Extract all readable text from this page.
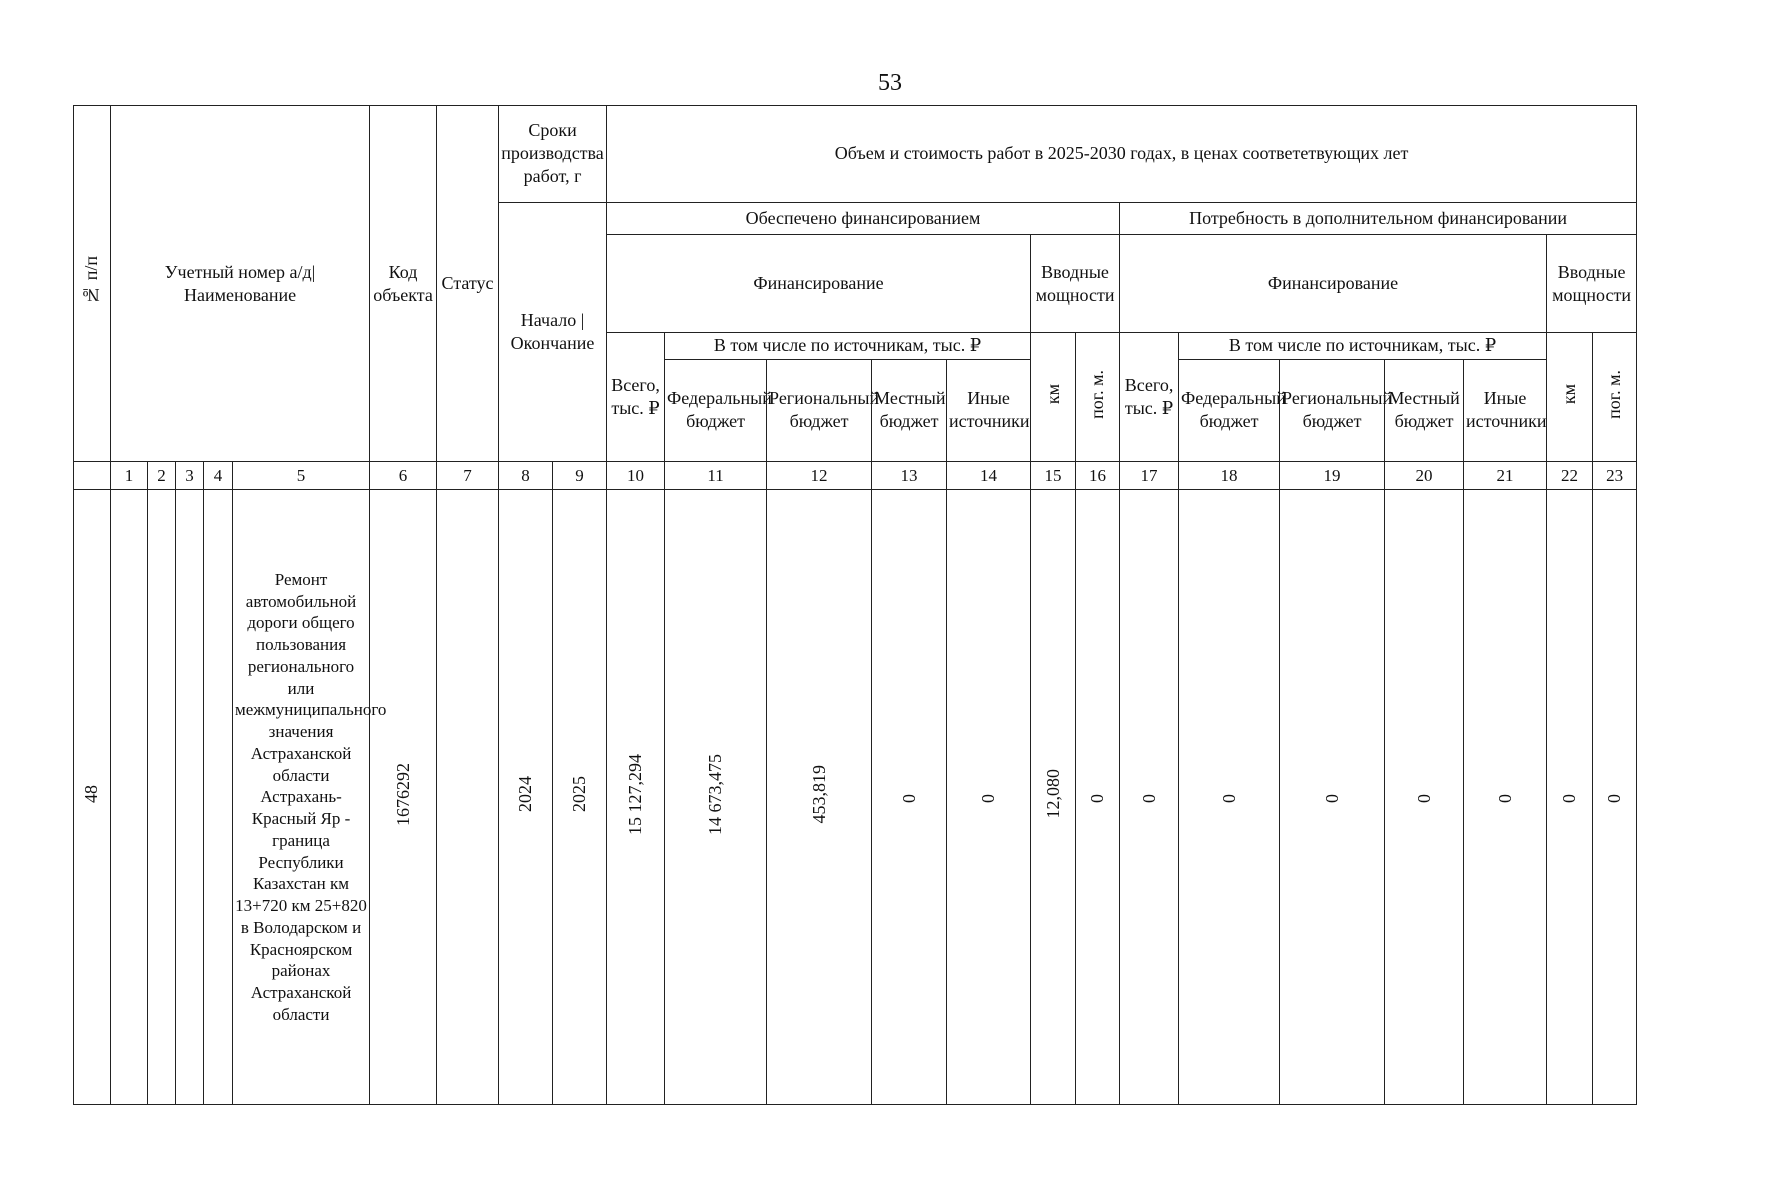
53
№ п/п	Учетный номер а/д| Наименование					Код объекта	Статус	Сроки производства работ, г		Объем и стоимость работ в 2025-2030 годах, в ценах соответетвующих лет													
								Начало | Окончание		Обеспечено финансированием							Потребность в дополнительном финансировании						
										Финансирование					Вводные мощности		Финансирование					Вводные мощности	
										Всего, тыс. ₽	В том числе по источникам, тыс. ₽				км	пог. м.	Всего, тыс. ₽	В том числе по источникам, тыс. ₽				км	пог. м.
											Федеральный бюджет	Региональный бюджет	Местный бюджет	Иные источники				Федеральный бюджет	Региональный бюджет	Местный бюджет	Иные источники		
	1	2	3	4	5	6	7	8	9	10	11	12	13	14	15	16	17	18	19	20	21	22	23
48					Ремонт автомобильной дороги общего пользования регионального или межмуниципального значения Астраханской области Астрахань-Красный Яр - граница Республики Казахстан км 13+720 км 25+820 в Володарском и Красноярском районах Астраханской области	1676292		2024	2025	15 127,294	14 673,475	453,819	0	0	12,080	0	0	0	0	0	0	0	0
